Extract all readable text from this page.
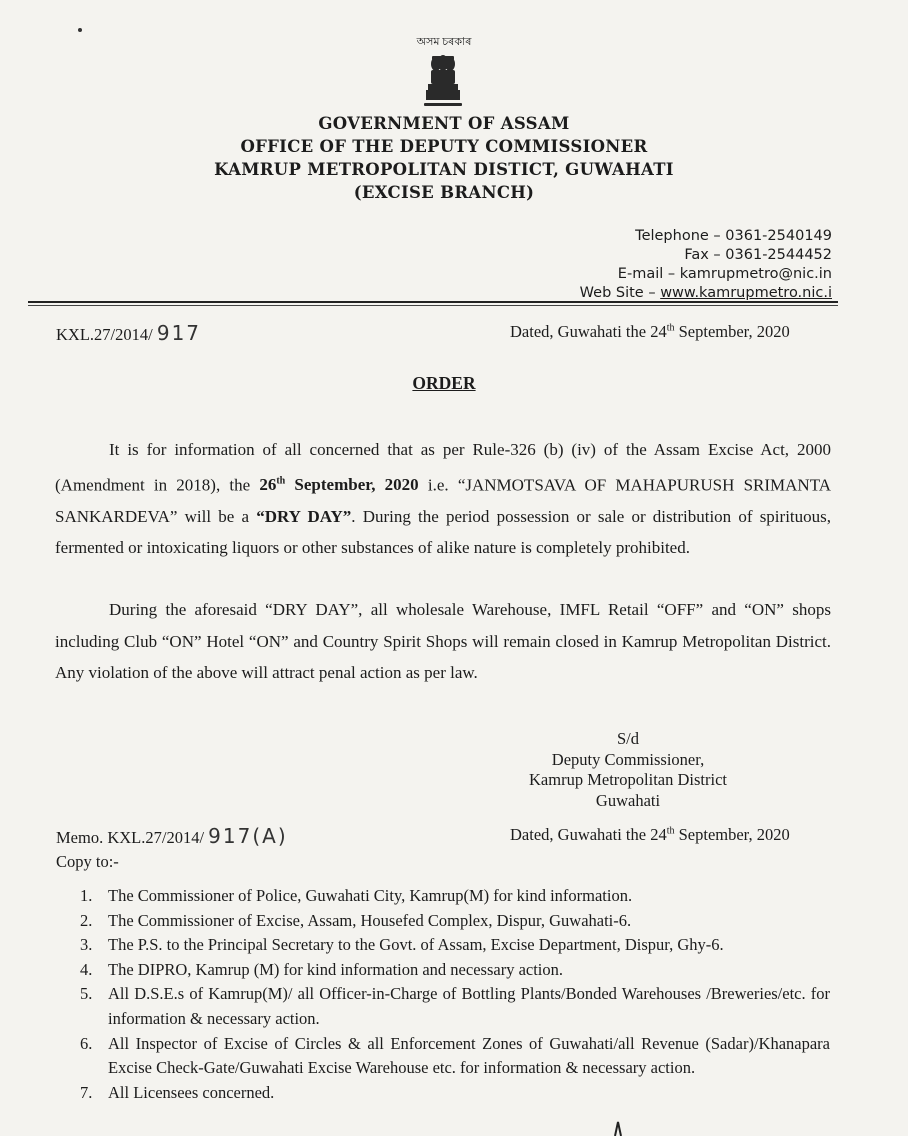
অসম চৰকাৰ
GOVERNMENT OF ASSAM
OFFICE OF THE DEPUTY COMMISSIONER
KAMRUP METROPOLITAN DISTICT, GUWAHATI
(EXCISE BRANCH)
Telephone – 0361-2540149
Fax – 0361-2544452
E-mail – kamrupmetro@nic.in
Web Site – www.kamrupmetro.nic.i
KXL.27/2014/ 917	Dated, Guwahati the 24th September, 2020
ORDER
It is for information of all concerned that as per Rule-326 (b) (iv) of the Assam Excise Act, 2000 (Amendment in 2018), the 26th September, 2020 i.e. “JANMOTSAVA OF MAHAPURUSH SRIMANTA SANKARDEVA” will be a “DRY DAY”. During the period possession or sale or distribution of spirituous, fermented or intoxicating liquors or other substances of alike nature is completely prohibited.
During the aforesaid “DRY DAY”, all wholesale Warehouse, IMFL Retail “OFF” and “ON” shops including Club “ON” Hotel “ON” and Country Spirit Shops will remain closed in Kamrup Metropolitan District. Any violation of the above will attract penal action as per law.
S/d
Deputy Commissioner,
Kamrup Metropolitan District
Guwahati
Memo. KXL.27/2014/ 917(A)	Dated, Guwahati the 24th September, 2020
Copy to:-
1. The Commissioner of Police, Guwahati City, Kamrup(M) for kind information.
2. The Commissioner of Excise, Assam, Housefed Complex, Dispur, Guwahati-6.
3. The P.S. to the Principal Secretary to the Govt. of Assam, Excise Department, Dispur, Ghy-6.
4. The DIPRO, Kamrup (M) for kind information and necessary action.
5. All D.S.E.s of Kamrup(M)/ all Officer-in-Charge of Bottling Plants/Bonded Warehouses /Breweries/etc. for information & necessary action.
6. All Inspector of Excise of Circles & all Enforcement Zones of Guwahati/all Revenue (Sadar)/Khanapara Excise Check-Gate/Guwahati Excise Warehouse etc. for information & necessary action.
7. All Licensees concerned.
